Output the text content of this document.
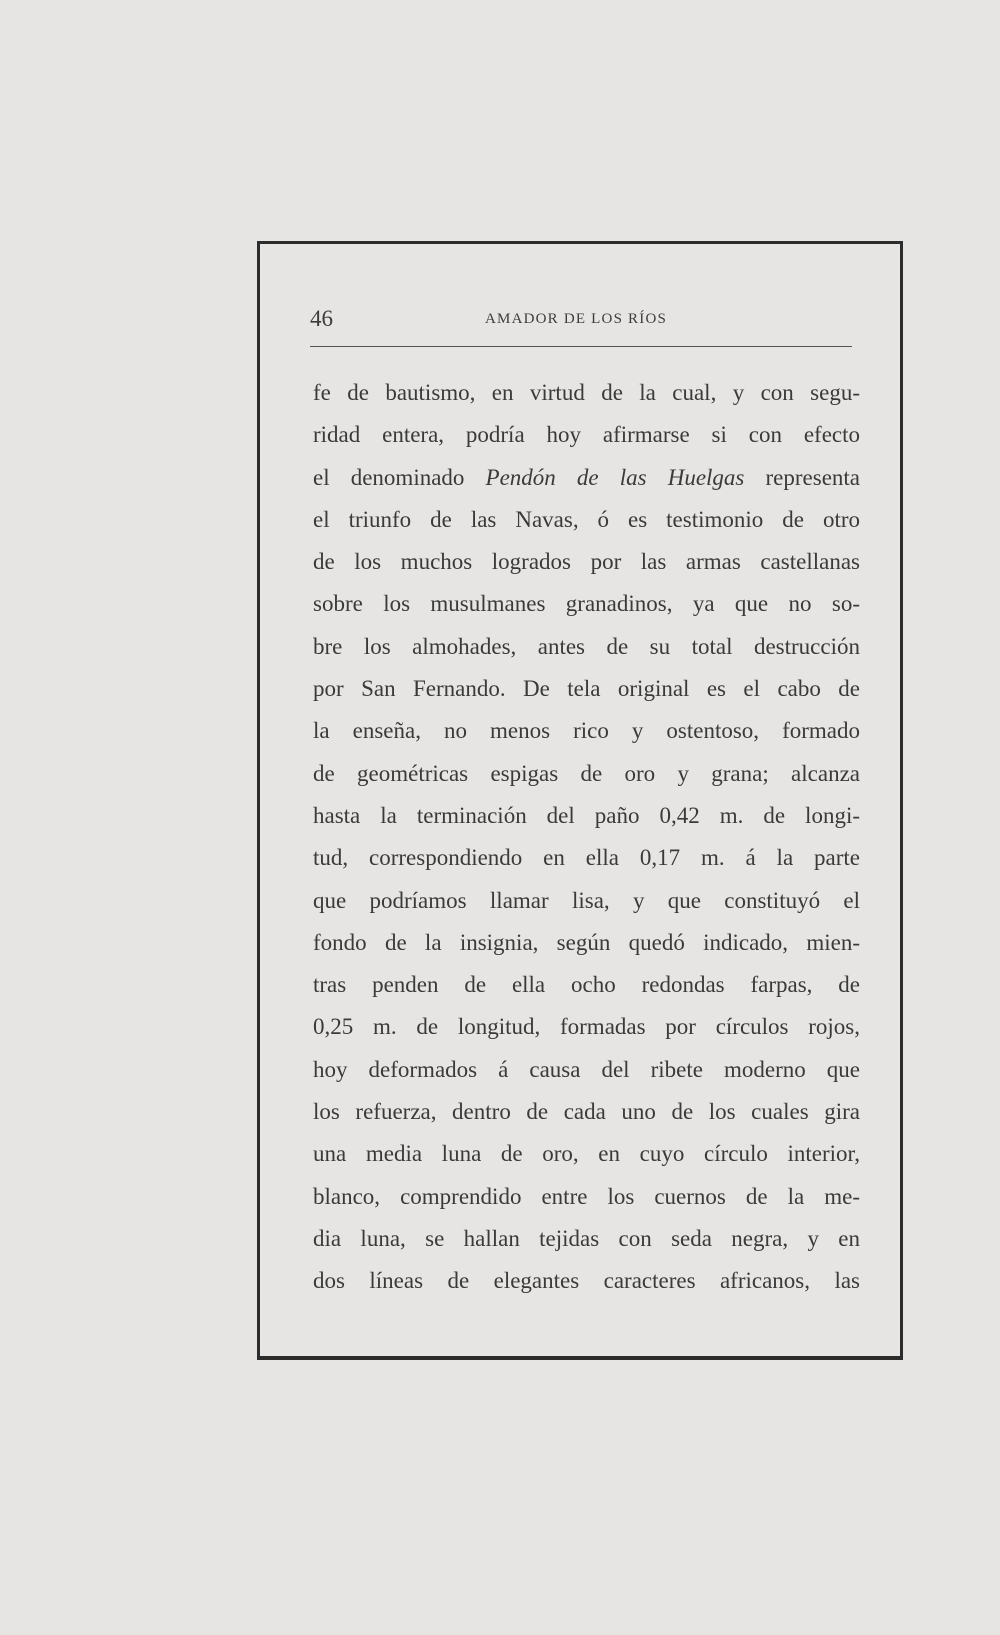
46	AMADOR DE LOS RÍOS
fe de bautismo, en virtud de la cual, y con segu-
ridad entera, podría hoy afirmarse si con efecto
el denominado Pendón de las Huelgas representa
el triunfo de las Navas, ó es testimonio de otro
de los muchos logrados por las armas castellanas
sobre los musulmanes granadinos, ya que no so-
bre los almohades, antes de su total destrucción
por San Fernando. De tela original es el cabo de
la enseña, no menos rico y ostentoso, formado
de geométricas espigas de oro y grana; alcanza
hasta la terminación del paño 0,42 m. de longi-
tud, correspondiendo en ella 0,17 m. á la parte
que podríamos llamar lisa, y que constituyó el
fondo de la insignia, según quedó indicado, mien-
tras penden de ella ocho redondas farpas, de
0,25 m. de longitud, formadas por círculos rojos,
hoy deformados á causa del ribete moderno que
los refuerza, dentro de cada uno de los cuales gira
una media luna de oro, en cuyo círculo interior,
blanco, comprendido entre los cuernos de la me-
dia luna, se hallan tejidas con seda negra, y en
dos líneas de elegantes caracteres africanos, las
